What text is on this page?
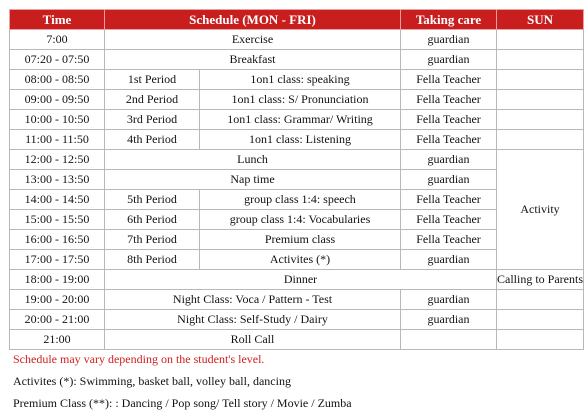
Time	Schedule (MON - FRI)		Taking care	SUN
7:00	Exercise		guardian	
07:20 - 07:50	Breakfast		guardian	
08:00 - 08:50	1st Period	1on1 class: speaking	Fella Teacher	
09:00 - 09:50	2nd Period	1on1 class: S/ Pronunciation	Fella Teacher	
10:00 - 10:50	3rd Period	1on1 class: Grammar/ Writing	Fella Teacher	
11:00 - 11:50	4th Period	1on1 class: Listening	Fella Teacher	
12:00 - 12:50	Lunch		guardian	Activity
13:00 - 13:50	Nap time		guardian	
14:00 - 14:50	5th Period	group class 1:4: speech	Fella Teacher	
15:00 - 15:50	6th Period	group class 1:4: Vocabularies	Fella Teacher	
16:00 - 16:50	7th Period	Premium class	Fella Teacher	
17:00 - 17:50	8th Period	Activites (*)	guardian	
18:00 - 19:00	Dinner			Calling to Parents
19:00 - 20:00	Night Class: Voca / Pattern - Test		guardian	
20:00 - 21:00	Night Class: Self-Study / Dairy		guardian	
21:00	Roll Call			
Schedule may vary depending on the student's level.
Activites (*): Swimming, basket ball, volley ball, dancing
Premium Class (**): : Dancing / Pop song/ Tell story / Movie / Zumba
